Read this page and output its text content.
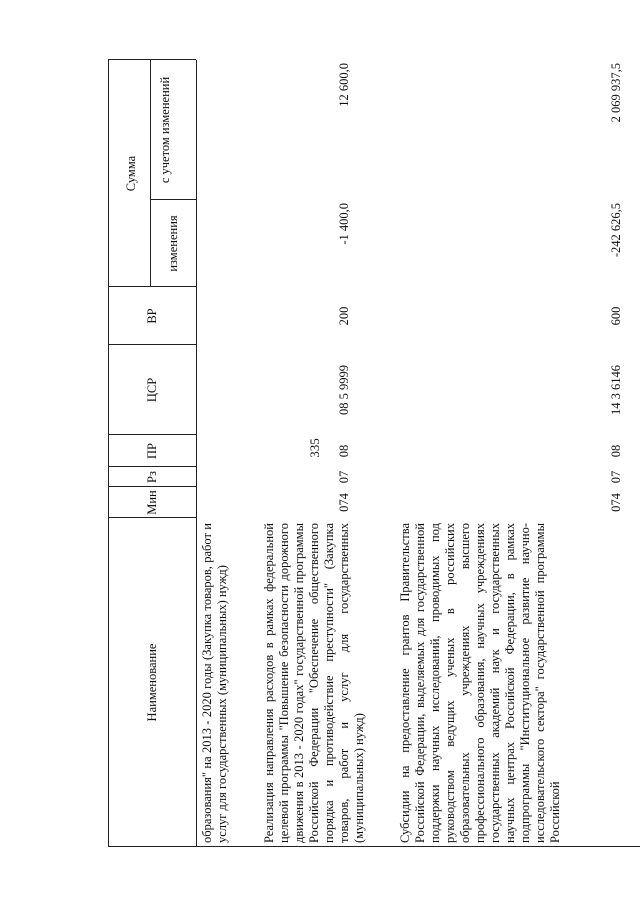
335
Наименование
Мин
Рз
ПР
ЦСР
ВР
Сумма
изменения
с учетом изменений
образования" на 2013 - 2020 годы (Закупка товаров, работ и услуг для государственных (муниципальных) нужд)	Реализация направления расходов в рамках федеральной целевой программы "Повышение безопасности дорожного движения в 2013 - 2020 годах" государственной программы Российской Федерации "Обеспечение общественного порядка и противодействие преступности" (Закупка товаров, работ и услуг для государственных (муниципальных) нужд)
074
07
08
08 5 9999
200
-1 400,0
12 600,0
Субсидии на предоставление грантов Правительства Российской Федерации, выделяемых для государственной поддержки научных исследований, проводимых под руководством ведущих ученых в российских образовательных учреждениях высшего профессионального образования, научных учреждениях государственных академий наук и государственных научных центрах Российской Федерации, в рамках подпрограммы "Институциональное развитие научно-исследовательского сектора" государственной программы Российской
074
07
08
14 3 6146
600
-242 626,5
2 069 937,5
